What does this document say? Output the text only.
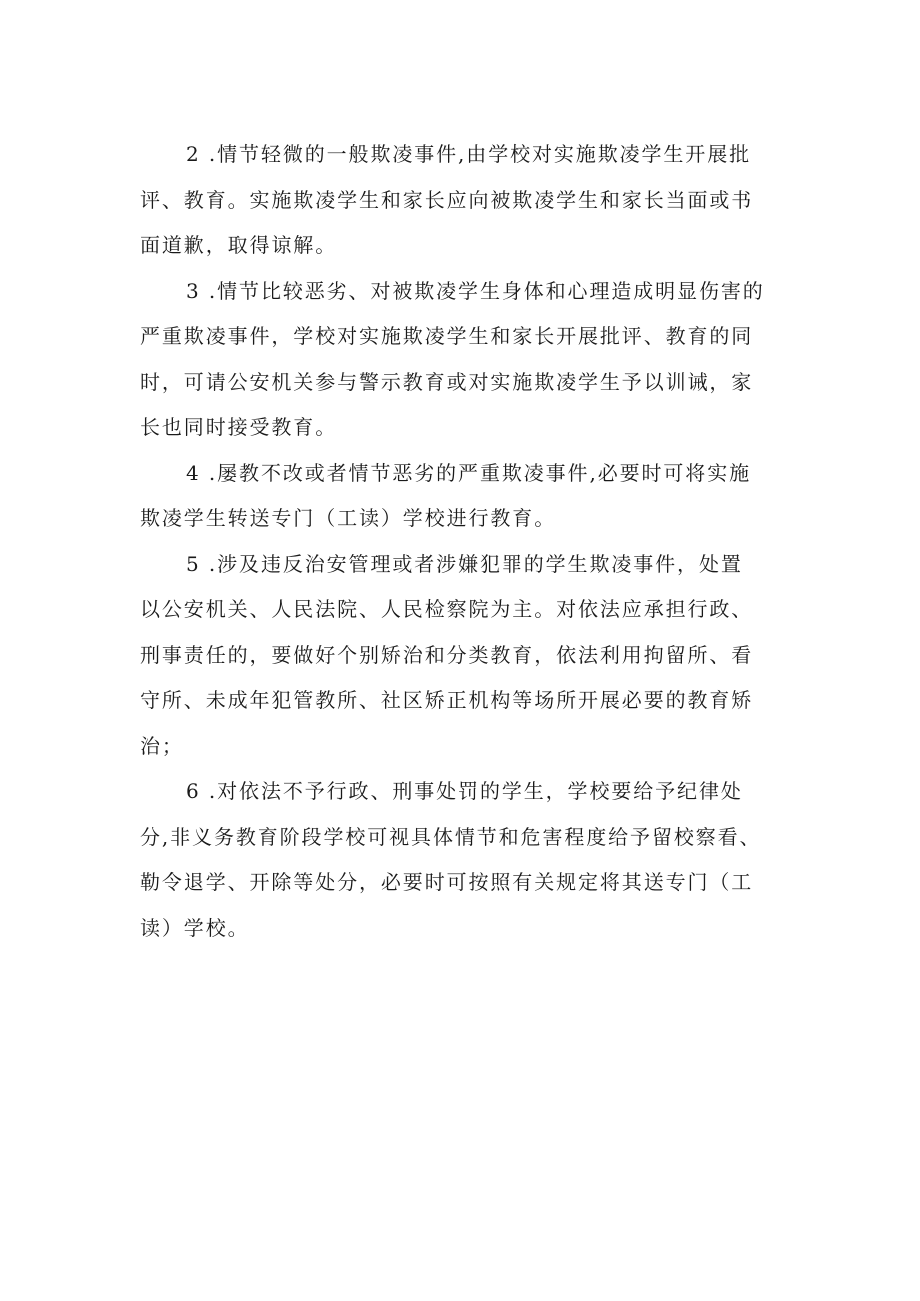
2 .情节轻微的一般欺凌事件,由学校对实施欺凌学生开展批
评、教育。实施欺凌学生和家长应向被欺凌学生和家长当面或书
面道歉，取得谅解。

3 .情节比较恶劣、对被欺凌学生身体和心理造成明显伤害的
严重欺凌事件，学校对实施欺凌学生和家长开展批评、教育的同
时，可请公安机关参与警示教育或对实施欺凌学生予以训诫，家
长也同时接受教育。

4 .屡教不改或者情节恶劣的严重欺凌事件,必要时可将实施
欺凌学生转送专门（工读）学校进行教育。

5 .涉及违反治安管理或者涉嫌犯罪的学生欺凌事件，处置
以公安机关、人民法院、人民检察院为主。对依法应承担行政、
刑事责任的，要做好个别矫治和分类教育，依法利用拘留所、看
守所、未成年犯管教所、社区矫正机构等场所开展必要的教育矫
治；

6 .对依法不予行政、刑事处罚的学生，学校要给予纪律处
分,非义务教育阶段学校可视具体情节和危害程度给予留校察看、
勒令退学、开除等处分，必要时可按照有关规定将其送专门（工
读）学校。
